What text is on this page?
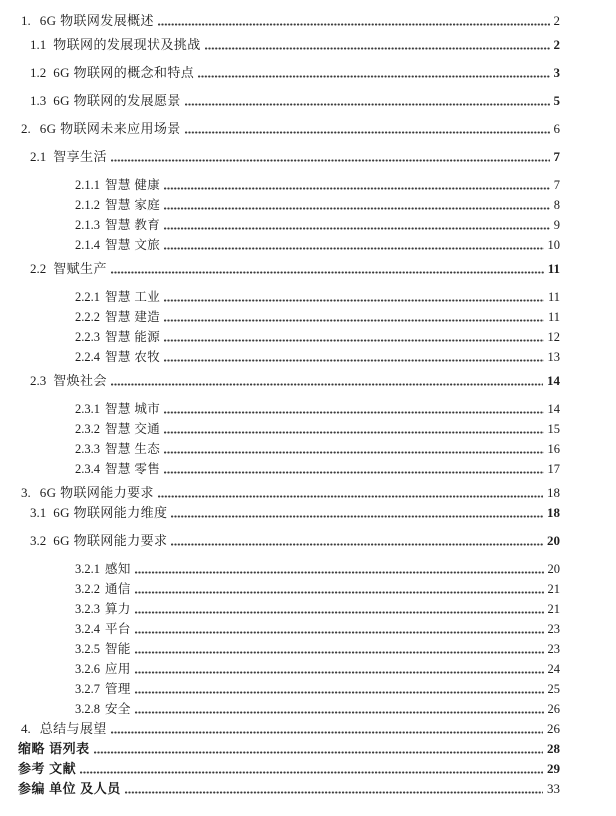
1. 6G 物联网发展概述	2
1.1 物联网的发展现状及挑战	2
1.2 6G 物联网的概念和特点	3
1.3 6G 物联网的发展愿景	5
2. 6G 物联网未来应用场景	6
2.1 智享生活	7
2.1.1 智慧 健康	7
2.1.2 智慧 家庭	8
2.1.3 智慧 教育	9
2.1.4 智慧 文旅	10
2.2 智赋生产	11
2.2.1 智慧 工业	11
2.2.2 智慧 建造	11
2.2.3 智慧 能源	12
2.2.4 智慧 农牧	13
2.3 智焕社会	14
2.3.1 智慧 城市	14
2.3.2 智慧 交通	15
2.3.3 智慧 生态	16
2.3.4 智慧 零售	17
3. 6G 物联网能力要求	18
3.1 6G 物联网能力维度	18
3.2 6G 物联网能力要求	20
3.2.1 感知	20
3.2.2 通信	21
3.2.3 算力	21
3.2.4 平台	23
3.2.5 智能	23
3.2.6 应用	24
3.2.7 管理	25
3.2.8 安全	26
4. 总结与展望	26
缩略 语列表	28
参考 文献	29
参编 单位 及人员	33
